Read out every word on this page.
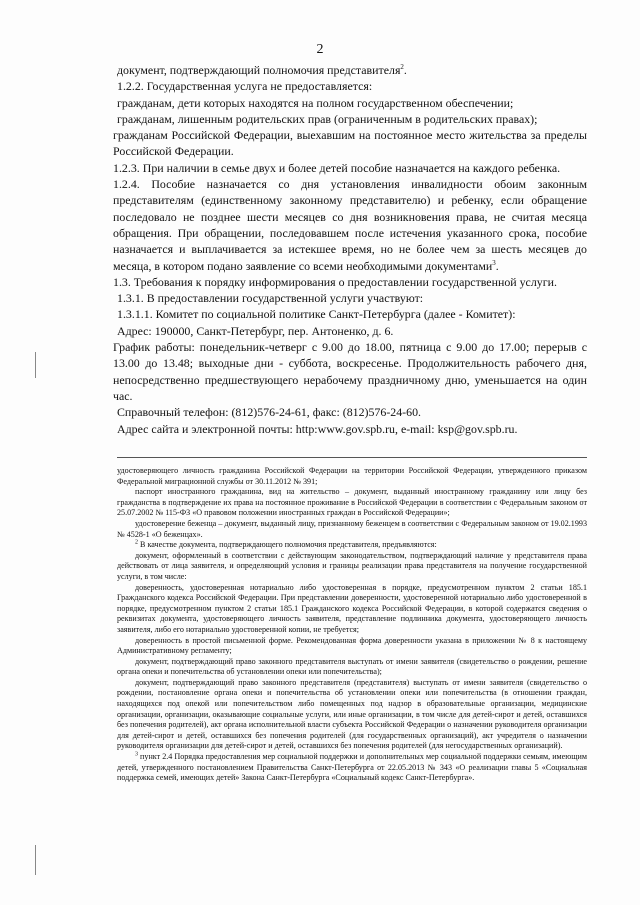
2

документ, подтверждающий полномочия представителя$^2$.

1.2.2. Государственная услуга не предоставляется:

гражданам, дети которых находятся на полном государственном обеспечении;

гражданам, лишенным родительских прав (ограниченным в родительских правах);

гражданам Российской Федерации, выехавшим на постоянное место жительства за пределы Российской Федерации.

1.2.3. При наличии в семье двух и более детей пособие назначается на каждого ребенка.

1.2.4. Пособие назначается со дня установления инвалидности обоим законным представителям (единственному законному представителю) и ребенку, если обращение последовало не позднее шести месяцев со дня возникновения права, не считая месяца обращения. При обращении, последовавшем после истечения указанного срока, пособие назначается и выплачивается за истекшее время, но не более чем за шесть месяцев до месяца, в котором подано заявление со всеми необходимыми документами$^3$.

1.3. Требования к порядку информирования о предоставлении государственной услуги.

1.3.1. В предоставлении государственной услуги участвуют:

1.3.1.1. Комитет по социальной политике Санкт-Петербурга (далее - Комитет):

Адрес: 190000, Санкт-Петербург, пер. Антоненко, д. 6.

График работы: понедельник-четверг с 9.00 до 18.00, пятница с 9.00 до 17.00; перерыв с 13.00 до 13.48; выходные дни - суббота, воскресенье. Продолжительность рабочего дня, непосредственно предшествующего нерабочему праздничному дню, уменьшается на один час.

Справочный телефон: (812)576-24-61, факс: (812)576-24-60.

Адрес сайта и электронной почты: http:www.gov.spb.ru, e-mail: ksp@gov.spb.ru.

удостоверяющего личность гражданина Российской Федерации на территории Российской Федерации, утвержденного приказом Федеральной миграционной службы от 30.11.2012 № 391;

паспорт иностранного гражданина, вид на жительство – документ, выданный иностранному гражданину или лицу без гражданства в подтверждение их права на постоянное проживание в Российской Федерации в соответствии с Федеральным законом от 25.07.2002 № 115-ФЗ «О правовом положении иностранных граждан в Российской Федерации»;

удостоверение беженца – документ, выданный лицу, признанному беженцем в соответствии с Федеральным законом от 19.02.1993 № 4528-1 «О беженцах».

$^2$ В качестве документа, подтверждающего полномочия представителя, предъявляются:

документ, оформленный в соответствии с действующим законодательством, подтверждающий наличие у представителя права действовать от лица заявителя, и определяющий условия и границы реализации права представителя на получение государственной услуги, в том числе:

доверенность, удостоверенная нотариально либо удостоверенная в порядке, предусмотренном пунктом 2 статьи 185.1 Гражданского кодекса Российской Федерации. При представлении доверенности, удостоверенной нотариально либо удостоверенной в порядке, предусмотренном пунктом 2 статьи 185.1 Гражданского кодекса Российской Федерации, в которой содержатся сведения о реквизитах документа, удостоверяющего личность заявителя, представление подлинника документа, удостоверяющего личность заявителя, либо его нотариально удостоверенной копии, не требуется;

доверенность в простой письменной форме. Рекомендованная форма доверенности указана в приложении № 8 к настоящему Административному регламенту;

документ, подтверждающий право законного представителя выступать от имени заявителя (свидетельство о рождении, решение органа опеки и попечительства об установлении опеки или попечительства);

документ, подтверждающий право законного представителя (представителя) выступать от имени заявителя (свидетельство о рождении, постановление органа опеки и попечительства об установлении опеки или попечительства (в отношении граждан, находящихся под опекой или попечительством либо помещенных под надзор в образовательные организации, медицинские организации, организации, оказывающие социальные услуги, или иные организации, в том числе для детей-сирот и детей, оставшихся без попечения родителей), акт органа исполнительной власти субъекта Российской Федерации о назначении руководителя организации для детей-сирот и детей, оставшихся без попечения родителей (для государственных организаций), акт учредителя о назначении руководителя организации для детей-сирот и детей, оставшихся без попечения родителей (для негосударственных организаций).

$^3$ пункт 2.4 Порядка предоставления мер социальной поддержки и дополнительных мер социальной поддержки семьям, имеющим детей, утвержденного постановлением Правительства Санкт-Петербурга от 22.05.2013 № 343 «О реализации главы 5 «Социальная поддержка семей, имеющих детей» Закона Санкт-Петербурга «Социальный кодекс Санкт-Петербурга».
